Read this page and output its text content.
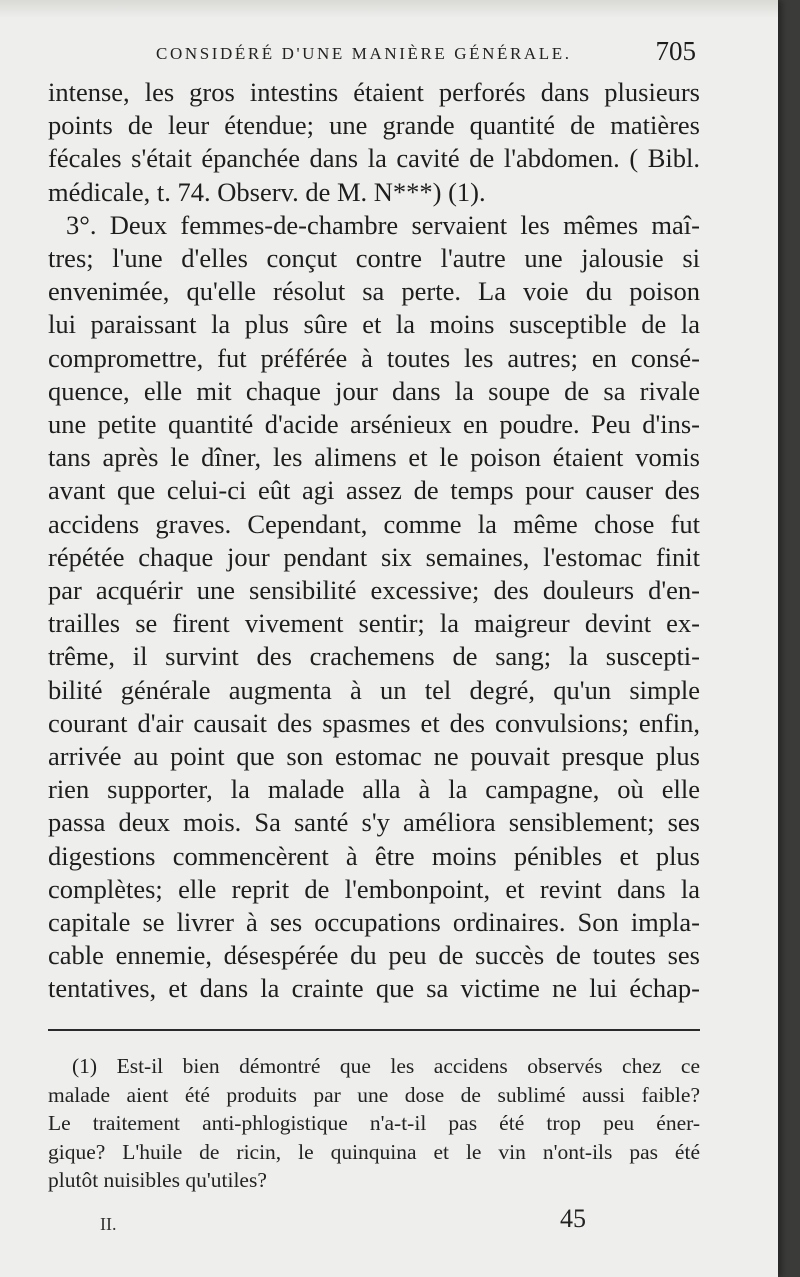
CONSIDÉRÉ D'UNE MANIÈRE GÉNÉRALE.	705
intense, les gros intestins étaient perforés dans plusieurs
points de leur étendue; une grande quantité de matières
fécales s'était épanchée dans la cavité de l'abdomen. ( Bibl.
médicale, t. 74. Observ. de M. N***) (1).
3°. Deux femmes-de-chambre servaient les mêmes maî-
tres; l'une d'elles conçut contre l'autre une jalousie si
envenimée, qu'elle résolut sa perte. La voie du poison
lui paraissant la plus sûre et la moins susceptible de la
compromettre, fut préférée à toutes les autres; en consé-
quence, elle mit chaque jour dans la soupe de sa rivale
une petite quantité d'acide arsénieux en poudre. Peu d'ins-
tans après le dîner, les alimens et le poison étaient vomis
avant que celui-ci eût agi assez de temps pour causer des
accidens graves. Cependant, comme la même chose fut
répétée chaque jour pendant six semaines, l'estomac finit
par acquérir une sensibilité excessive; des douleurs d'en-
trailles se firent vivement sentir; la maigreur devint ex-
trême, il survint des crachemens de sang; la suscepti-
bilité générale augmenta à un tel degré, qu'un simple
courant d'air causait des spasmes et des convulsions; enfin,
arrivée au point que son estomac ne pouvait presque plus
rien supporter, la malade alla à la campagne, où elle
passa deux mois. Sa santé s'y améliora sensiblement; ses
digestions commencèrent à être moins pénibles et plus
complètes; elle reprit de l'embonpoint, et revint dans la
capitale se livrer à ses occupations ordinaires. Son impla-
cable ennemie, désespérée du peu de succès de toutes ses
tentatives, et dans la crainte que sa victime ne lui échap-
(1) Est-il bien démontré que les accidens observés chez ce
malade aient été produits par une dose de sublimé aussi faible?
Le traitement anti-phlogistique n'a-t-il pas été trop peu éner-
gique? L'huile de ricin, le quinquina et le vin n'ont-ils pas été
plutôt nuisibles qu'utiles?
II.	45
